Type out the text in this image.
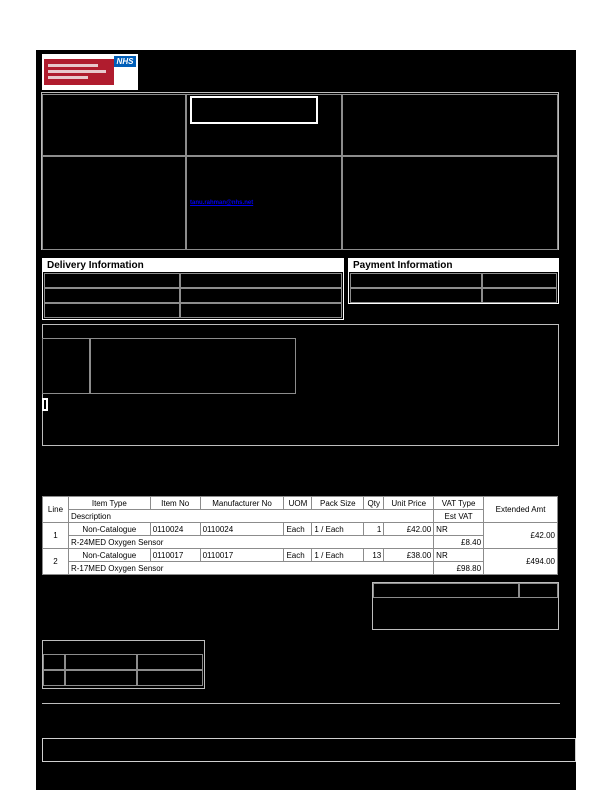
NHS
tanu.rahman@nhs.net
Delivery Information	Payment Information
Line	Item Type	Item No	Manufacturer No	UOM	Pack Size	Qty	Unit Price	VAT Type	Extended Amt
	Description							Est VAT	
1	Non-Catalogue	0110024	0110024	Each	1 / Each	1	£42.00	NR	£42.00
	R-24MED Oxygen Sensor							£8.40	
2	Non-Catalogue	0110017	0110017	Each	1 / Each	13	£38.00	NR	£494.00
	R-17MED Oxygen Sensor							£98.80	
